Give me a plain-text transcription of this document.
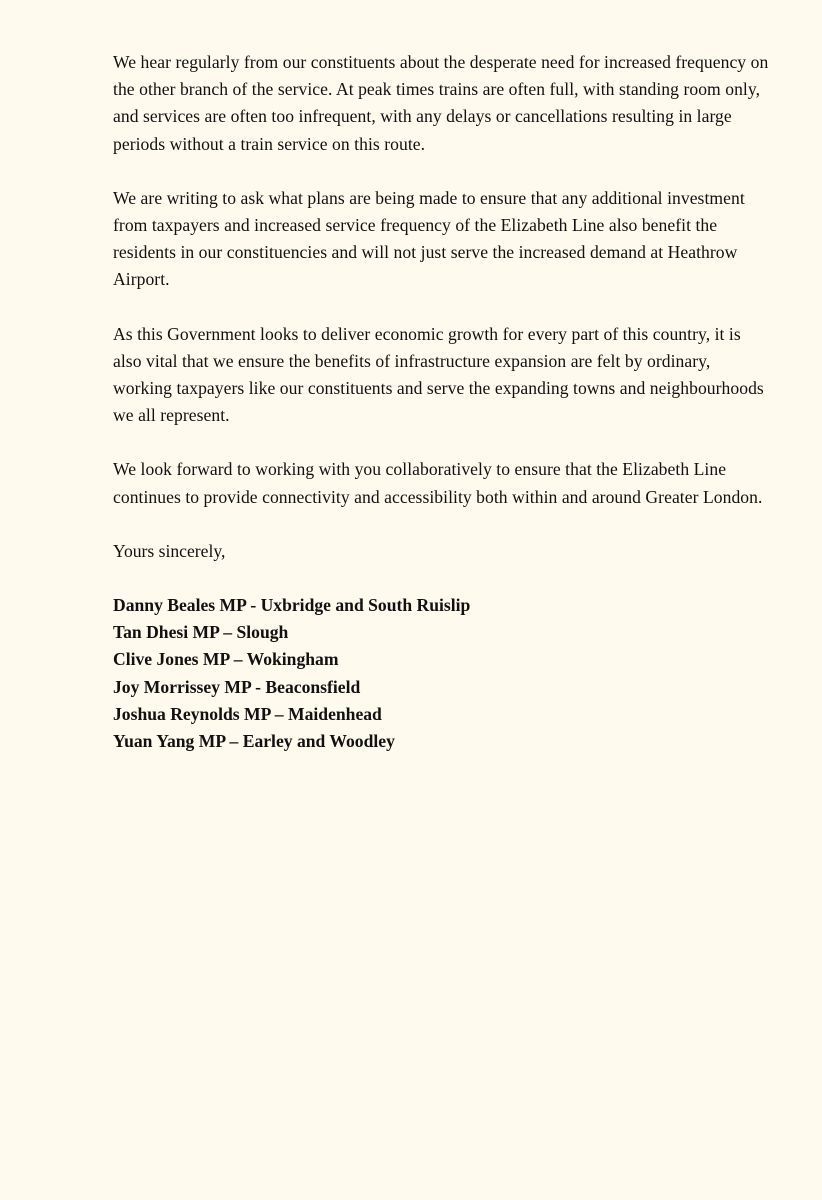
We hear regularly from our constituents about the desperate need for increased frequency on the other branch of the service. At peak times trains are often full, with standing room only, and services are often too infrequent, with any delays or cancellations resulting in large periods without a train service on this route.

We are writing to ask what plans are being made to ensure that any additional investment from taxpayers and increased service frequency of the Elizabeth Line also benefit the residents in our constituencies and will not just serve the increased demand at Heathrow Airport.

As this Government looks to deliver economic growth for every part of this country, it is also vital that we ensure the benefits of infrastructure expansion are felt by ordinary, working taxpayers like our constituents and serve the expanding towns and neighbourhoods we all represent.

We look forward to working with you collaboratively to ensure that the Elizabeth Line continues to provide connectivity and accessibility both within and around Greater London.

Yours sincerely,

Danny Beales MP - Uxbridge and South Ruislip
Tan Dhesi MP – Slough
Clive Jones MP – Wokingham
Joy Morrissey MP - Beaconsfield
Joshua Reynolds MP – Maidenhead
Yuan Yang MP – Earley and Woodley
